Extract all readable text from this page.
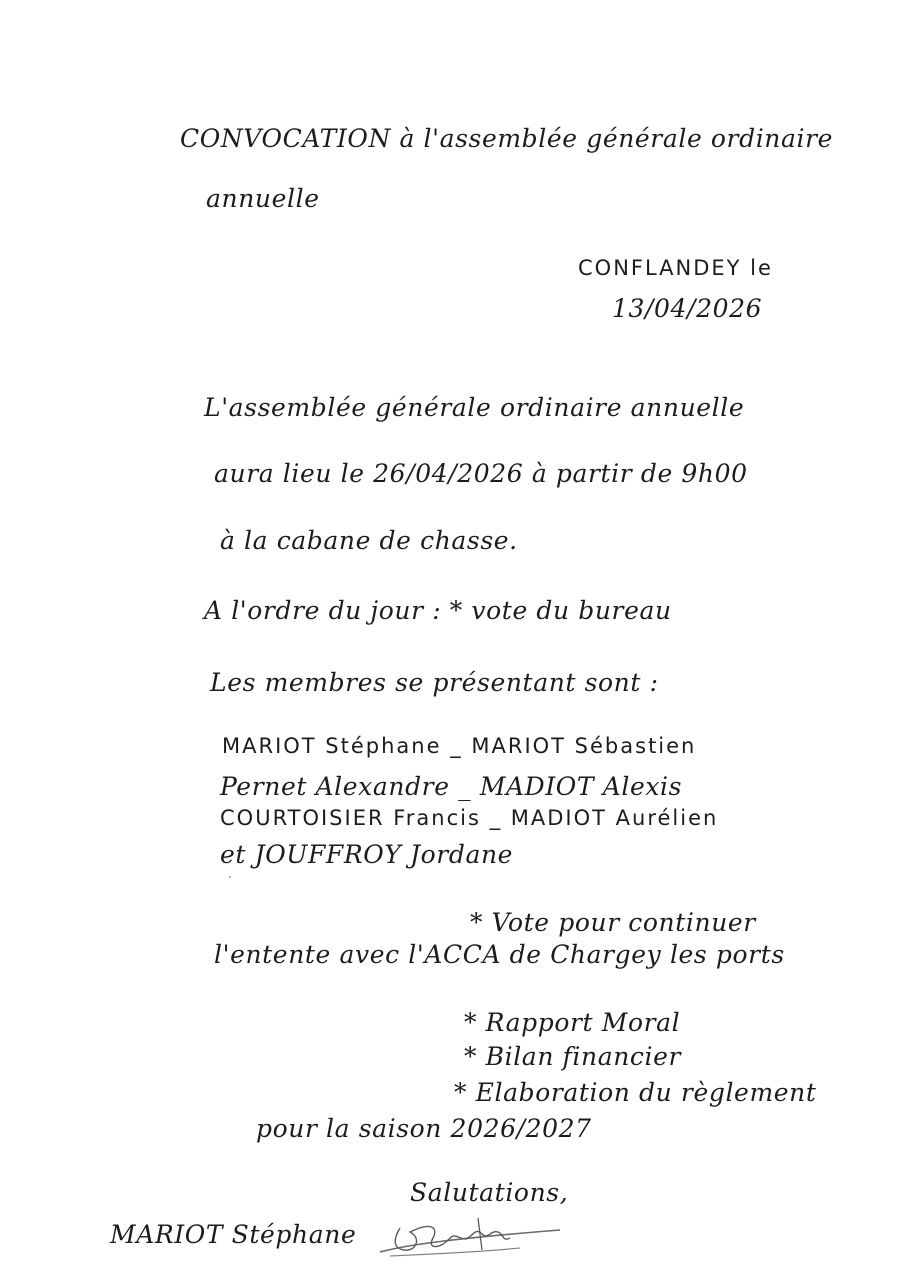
CONVOCATION à l'assemblée générale ordinaire
annuelle
CONFLANDEY le
13/04/2026
L'assemblée générale ordinaire annuelle
aura lieu le 26/04/2026 à partir de 9h00
à la cabane de chasse.
A l'ordre du jour : * vote du bureau
Les membres se présentant sont :
MARIOT Stéphane _ MARIOT Sébastien
Pernet Alexandre _ MADIOT Alexis
COURTOISIER Francis _ MADIOT Aurélien
et JOUFFROY Jordane
* Vote pour continuer
l'entente avec l'ACCA de Chargey les ports
* Rapport Moral
* Bilan financier
* Elaboration du règlement
pour la saison 2026/2027
Salutations,
MARIOT Stéphane
